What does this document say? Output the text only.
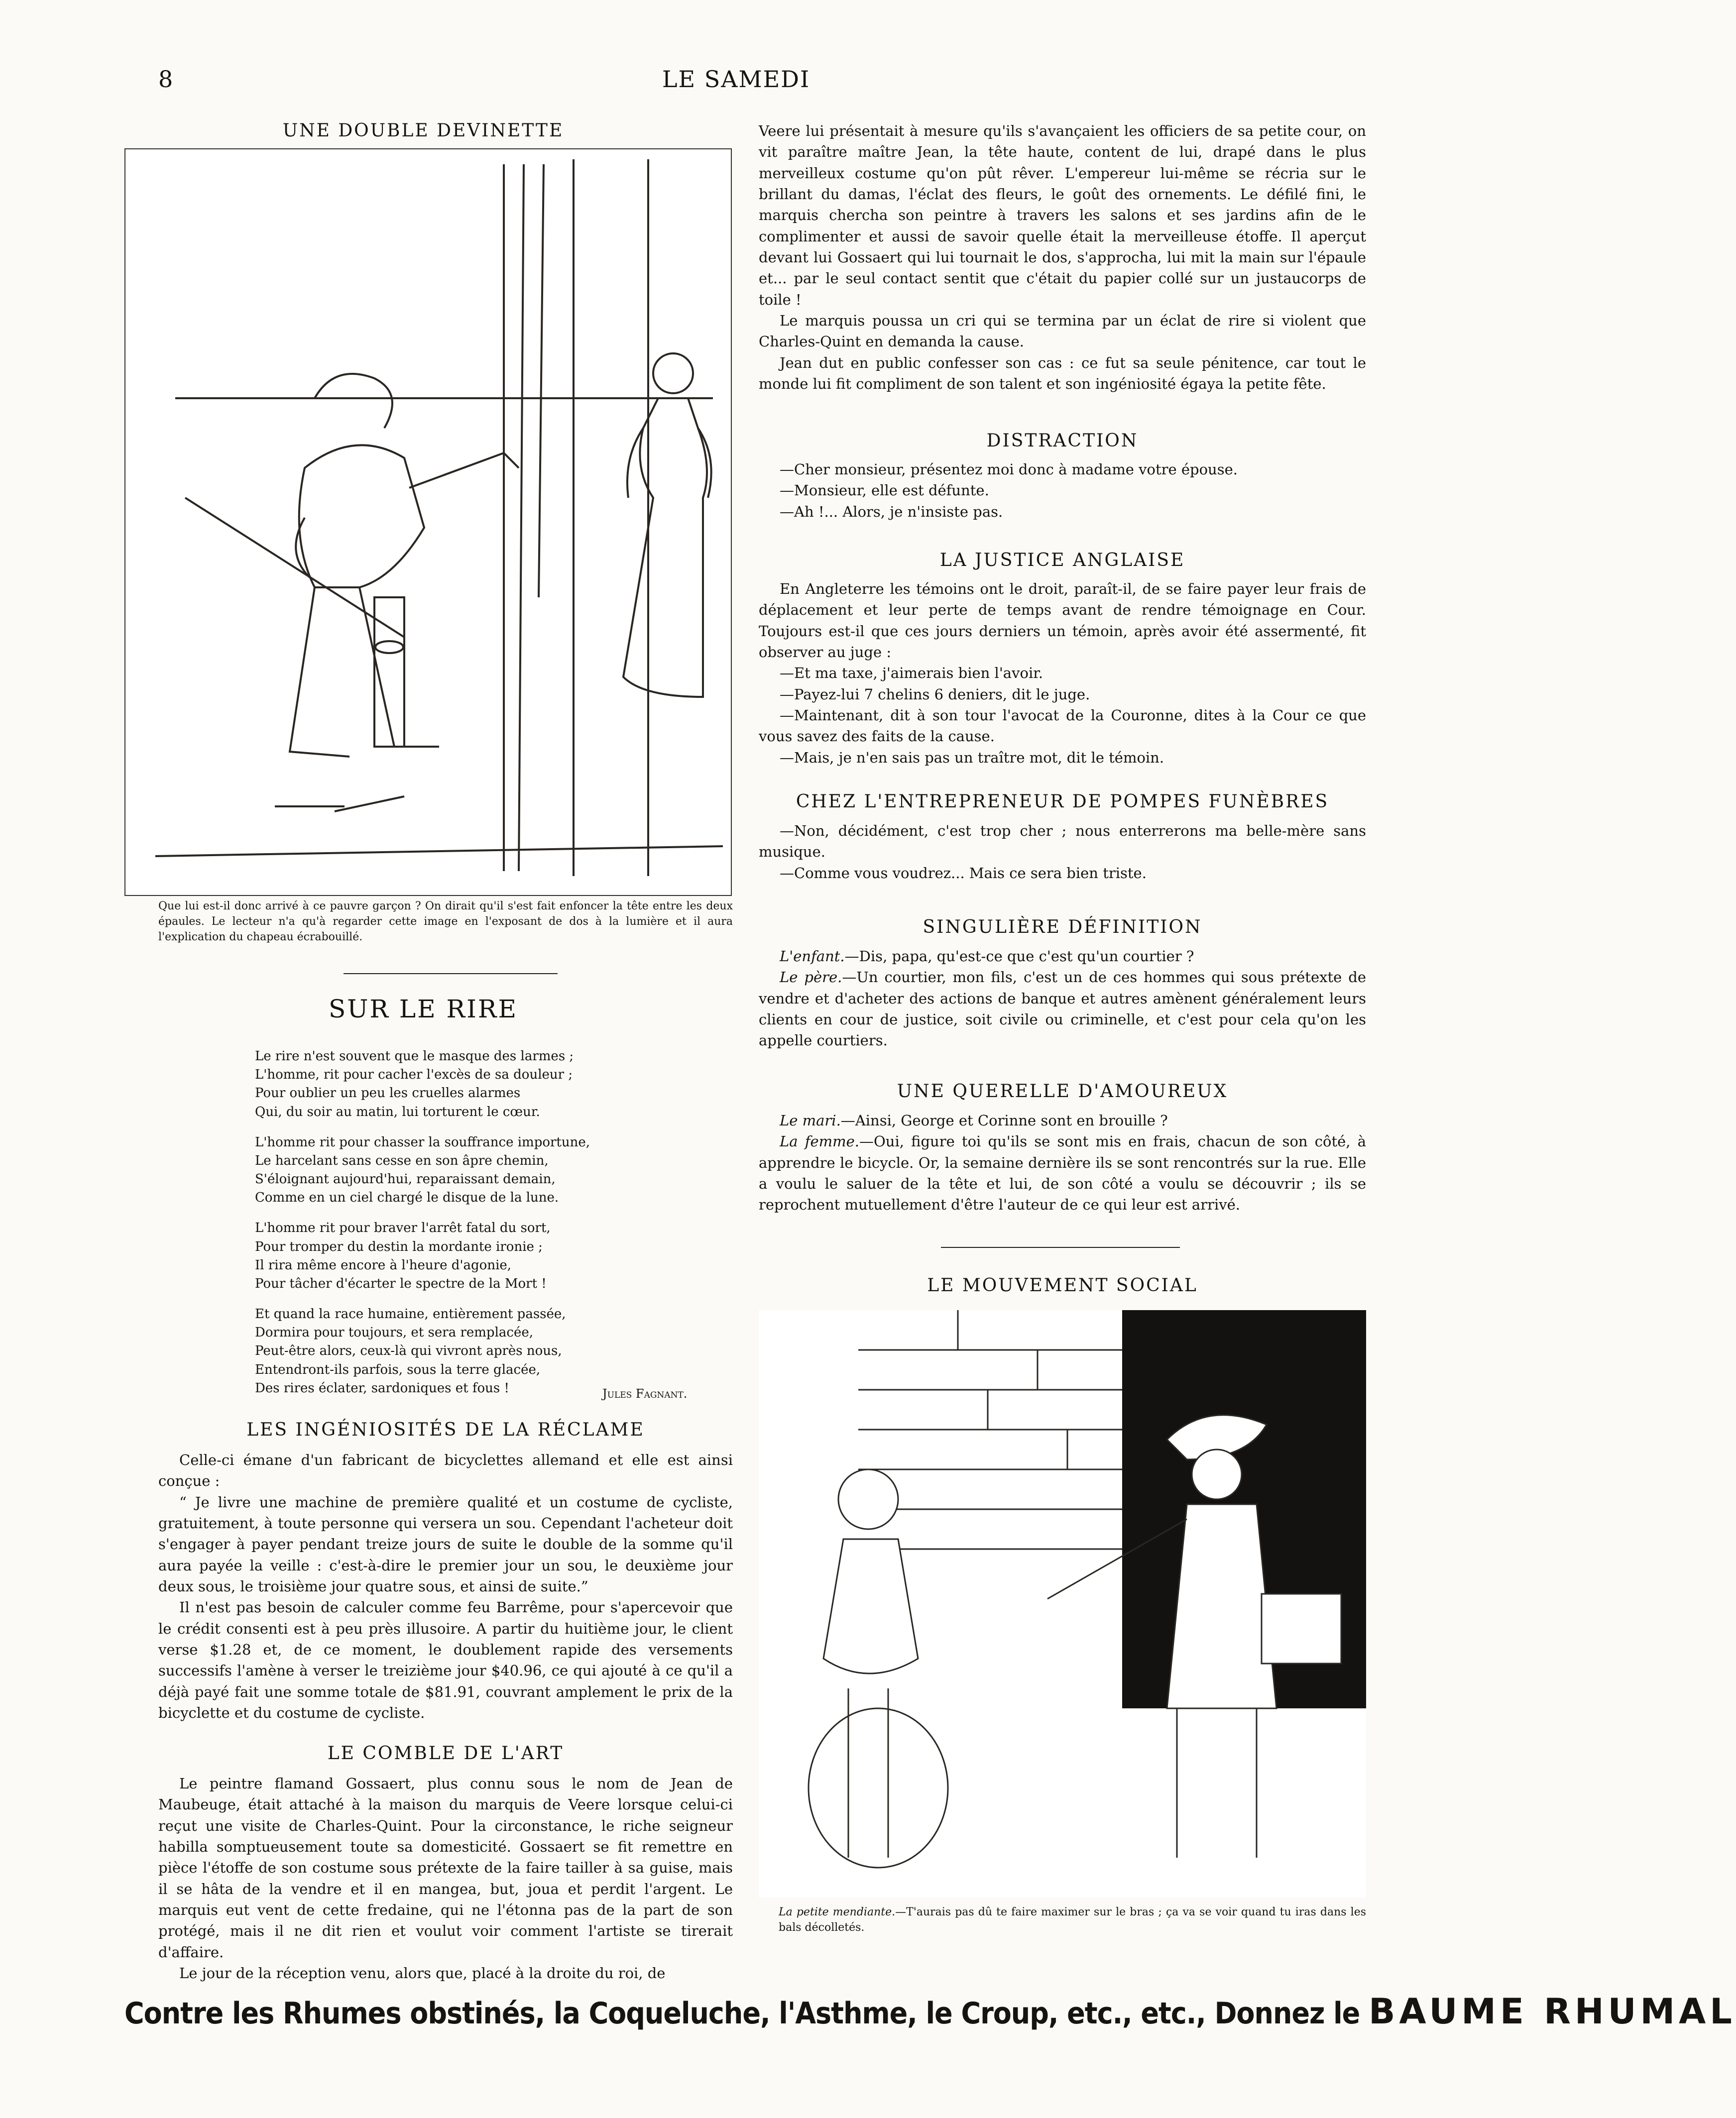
8	LE SAMEDI
UNE DOUBLE DEVINETTE
Que lui est-il donc arrivé à ce pauvre garçon ? On dirait qu'il s'est fait enfoncer la tête entre les deux épaules. Le lecteur n'a qu'à regarder cette image en l'exposant de dos à la lumière et il aura l'explication du chapeau écrabouillé.
SUR LE RIRE
Le rire n'est souvent que le masque des larmes ;
L'homme, rit pour cacher l'excès de sa douleur ;
Pour oublier un peu les cruelles alarmes
Qui, du soir au matin, lui torturent le cœur.
L'homme rit pour chasser la souffrance importune,
Le harcelant sans cesse en son âpre chemin,
S'éloignant aujourd'hui, reparaissant demain,
Comme en un ciel chargé le disque de la lune.
L'homme rit pour braver l'arrêt fatal du sort,
Pour tromper du destin la mordante ironie ;
Il rira même encore à l'heure d'agonie,
Pour tâcher d'écarter le spectre de la Mort !
Et quand la race humaine, entièrement passée,
Dormira pour toujours, et sera remplacée,
Peut-être alors, ceux-là qui vivront après nous,
Entendront-ils parfois, sous la terre glacée,
Des rires éclater, sardoniques et fous !	Jules Fagnant.
LES INGÉNIOSITÉS DE LA RÉCLAME

Celle-ci émane d'un fabricant de bicyclettes allemand et elle est ainsi conçue :

“ Je livre une machine de première qualité et un costume de cycliste, gratuitement, à toute personne qui versera un sou. Cependant l'acheteur doit s'engager à payer pendant treize jours de suite le double de la somme qu'il aura payée la veille : c'est-à-dire le premier jour un sou, le deuxième jour deux sous, le troisième jour quatre sous, et ainsi de suite.”

Il n'est pas besoin de calculer comme feu Barrême, pour s'apercevoir que le crédit consenti est à peu près illusoire. A partir du huitième jour, le client verse $1.28 et, de ce moment, le doublement rapide des versements successifs l'amène à verser le treizième jour $40.96, ce qui ajouté à ce qu'il a déjà payé fait une somme totale de $81.91, couvrant amplement le prix de la bicyclette et du costume de cycliste.

LE COMBLE DE L'ART

Le peintre flamand Gossaert, plus connu sous le nom de Jean de Maubeuge, était attaché à la maison du marquis de Veere lorsque celui-ci reçut une visite de Charles-Quint. Pour la circonstance, le riche seigneur habilla somptueusement toute sa domesticité. Gossaert se fit remettre en pièce l'étoffe de son costume sous prétexte de la faire tailler à sa guise, mais il se hâta de la vendre et il en mangea, but, joua et perdit l'argent. Le marquis eut vent de cette fredaine, qui ne l'étonna pas de la part de son protégé, mais il ne dit rien et voulut voir comment l'artiste se tirerait d'affaire.

Le jour de la réception venu, alors que, placé à la droite du roi, de

Veere lui présentait à mesure qu'ils s'avançaient les officiers de sa petite cour, on vit paraître maître Jean, la tête haute, content de lui, drapé dans le plus merveilleux costume qu'on pût rêver. L'empereur lui-même se récria sur le brillant du damas, l'éclat des fleurs, le goût des ornements. Le défilé fini, le marquis chercha son peintre à travers les salons et ses jardins afin de le complimenter et aussi de savoir quelle était la merveilleuse étoffe. Il aperçut devant lui Gossaert qui lui tournait le dos, s'approcha, lui mit la main sur l'épaule et... par le seul contact sentit que c'était du papier collé sur un justaucorps de toile !

Le marquis poussa un cri qui se termina par un éclat de rire si violent que Charles-Quint en demanda la cause.

Jean dut en public confesser son cas : ce fut sa seule pénitence, car tout le monde lui fit compliment de son talent et son ingéniosité égaya la petite fête.

DISTRACTION

—Cher monsieur, présentez moi donc à madame votre épouse.

—Monsieur, elle est défunte.

—Ah !... Alors, je n'insiste pas.

LA JUSTICE ANGLAISE

En Angleterre les témoins ont le droit, paraît-il, de se faire payer leur frais de déplacement et leur perte de temps avant de rendre témoignage en Cour. Toujours est-il que ces jours derniers un témoin, après avoir été assermenté, fit observer au juge :

—Et ma taxe, j'aimerais bien l'avoir.

—Payez-lui 7 chelins 6 deniers, dit le juge.

—Maintenant, dit à son tour l'avocat de la Couronne, dites à la Cour ce que vous savez des faits de la cause.

—Mais, je n'en sais pas un traître mot, dit le témoin.

CHEZ L'ENTREPRENEUR DE POMPES FUNÈBRES

—Non, décidément, c'est trop cher ; nous enterrerons ma belle-mère sans musique.

—Comme vous voudrez... Mais ce sera bien triste.

SINGULIÈRE DÉFINITION

L'enfant.—Dis, papa, qu'est-ce que c'est qu'un courtier ?

Le père.—Un courtier, mon fils, c'est un de ces hommes qui sous prétexte de vendre et d'acheter des actions de banque et autres amènent généralement leurs clients en cour de justice, soit civile ou criminelle, et c'est pour cela qu'on les appelle courtiers.

UNE QUERELLE D'AMOUREUX

Le mari.—Ainsi, George et Corinne sont en brouille ?

La femme.—Oui, figure toi qu'ils se sont mis en frais, chacun de son côté, à apprendre le bicycle. Or, la semaine dernière ils se sont rencontrés sur la rue. Elle a voulu le saluer de la tête et lui, de son côté a voulu se découvrir ; ils se reprochent mutuellement d'être l'auteur de ce qui leur est arrivé.

LE MOUVEMENT SOCIAL
La petite mendiante.—T'aurais pas dû te faire maximer sur le bras ; ça va se voir quand tu iras dans les bals décolletés.
Contre les Rhumes obstinés, la Coqueluche, l'Asthme, le Croup, etc., etc., Donnez le BAUME RHUMAL
